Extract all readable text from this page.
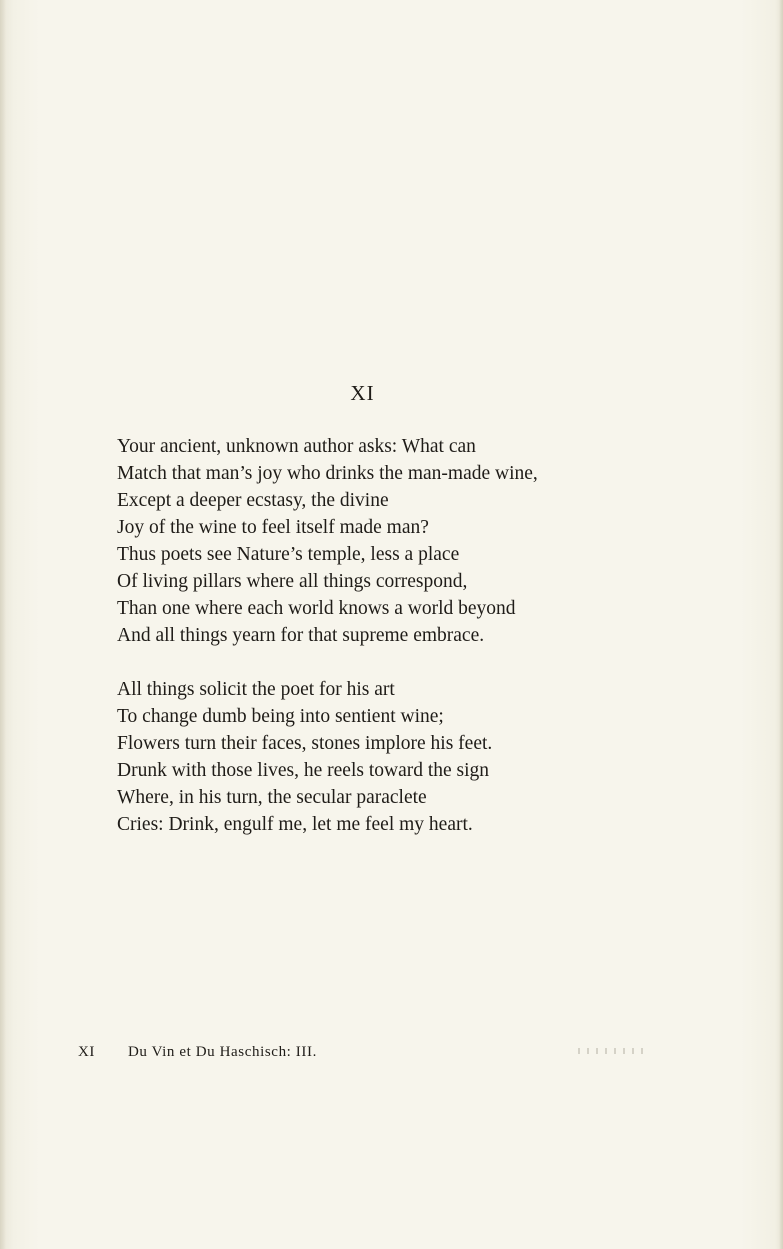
XI
Your ancient, unknown author asks: What can
Match that man’s joy who drinks the man-made wine,
Except a deeper ecstasy, the divine
Joy of the wine to feel itself made man?
Thus poets see Nature’s temple, less a place
Of living pillars where all things correspond,
Than one where each world knows a world beyond
And all things yearn for that supreme embrace.
All things solicit the poet for his art
To change dumb being into sentient wine;
Flowers turn their faces, stones implore his feet.
Drunk with those lives, he reels toward the sign
Where, in his turn, the secular paraclete
Cries: Drink, engulf me, let me feel my heart.
XI Du Vin et Du Haschisch: III.
